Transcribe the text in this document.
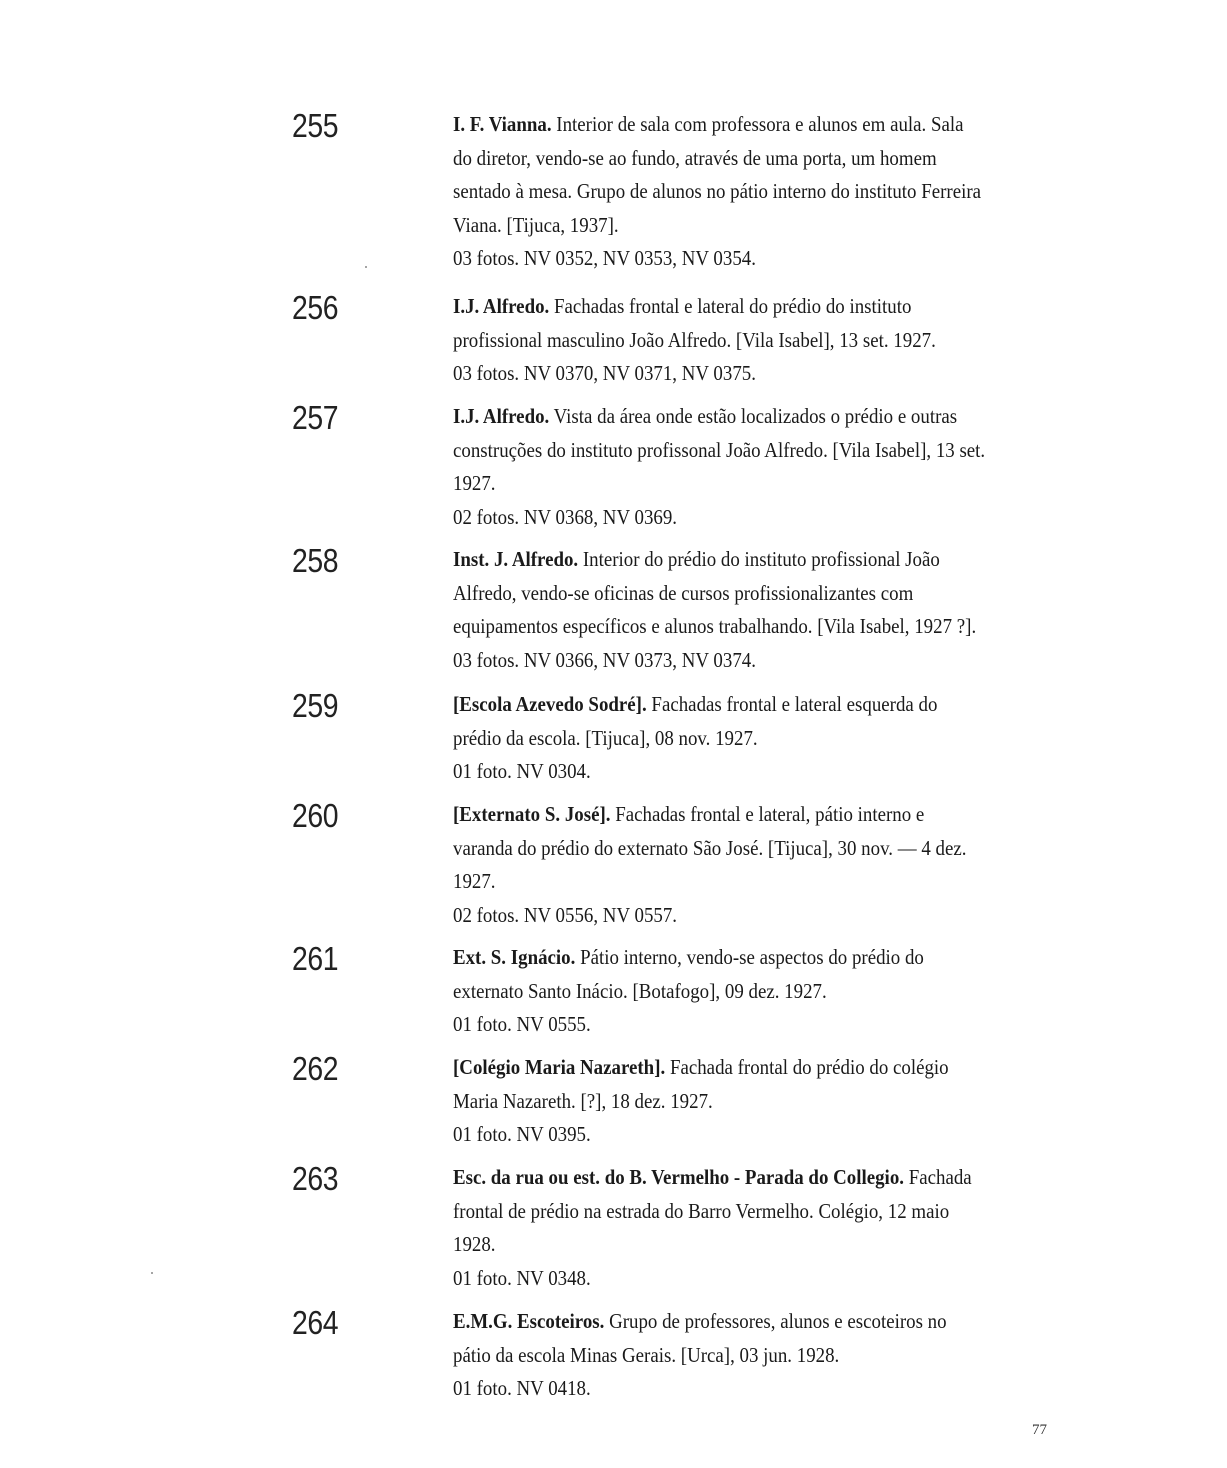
255	I. F. Vianna. Interior de sala com professora e alunos em aula. Sala
do diretor, vendo-se ao fundo, através de uma porta, um homem
sentado à mesa. Grupo de alunos no pátio interno do instituto Ferreira
Viana. [Tijuca, 1937].

03 fotos. NV 0352, NV 0353, NV 0354.

256	I.J. Alfredo. Fachadas frontal e lateral do prédio do instituto
profissional masculino João Alfredo. [Vila Isabel], 13 set. 1927.

03 fotos. NV 0370, NV 0371, NV 0375.

257	I.J. Alfredo. Vista da área onde estão localizados o prédio e outras
construções do instituto profissonal João Alfredo. [Vila Isabel], 13 set.
1927.

02 fotos. NV 0368, NV 0369.

258	Inst. J. Alfredo. Interior do prédio do instituto profissional João
Alfredo, vendo-se oficinas de cursos profissionalizantes com
equipamentos específicos e alunos trabalhando. [Vila Isabel, 1927 ?].

03 fotos. NV 0366, NV 0373, NV 0374.

259	[Escola Azevedo Sodré]. Fachadas frontal e lateral esquerda do
prédio da escola. [Tijuca], 08 nov. 1927.

01 foto. NV 0304.

260	[Externato S. José]. Fachadas frontal e lateral, pátio interno e
varanda do prédio do externato São José. [Tijuca], 30 nov. — 4 dez.
1927.

02 fotos. NV 0556, NV 0557.

261	Ext. S. Ignácio. Pátio interno, vendo-se aspectos do prédio do
externato Santo Inácio. [Botafogo], 09 dez. 1927.

01 foto. NV 0555.

262	[Colégio Maria Nazareth]. Fachada frontal do prédio do colégio
Maria Nazareth. [?], 18 dez. 1927.

01 foto. NV 0395.

263	Esc. da rua ou est. do B. Vermelho - Parada do Collegio. Fachada
frontal de prédio na estrada do Barro Vermelho. Colégio, 12 maio
1928.

01 foto. NV 0348.

264	E.M.G. Escoteiros. Grupo de professores, alunos e escoteiros no
pátio da escola Minas Gerais. [Urca], 03 jun. 1928.

01 foto. NV 0418.

77
